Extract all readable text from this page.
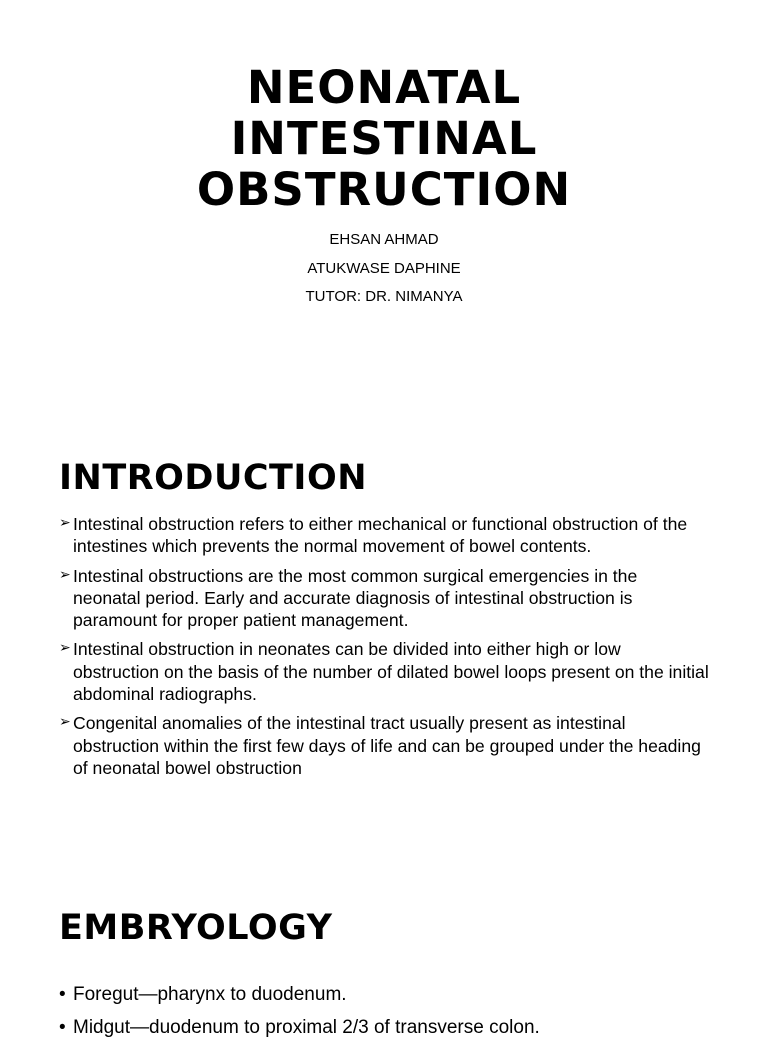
NEONATAL
INTESTINAL
OBSTRUCTION

EHSAN AHMAD

ATUKWASE DAPHINE

TUTOR: DR. NIMANYA

INTRODUCTION
➢ Intestinal obstruction refers to either mechanical or functional obstruction of the intestines which prevents the normal movement of bowel contents.
➢ Intestinal obstructions are the most common surgical emergencies in the neonatal period. Early and accurate diagnosis of intestinal obstruction is paramount for proper patient management.
➢ Intestinal obstruction in neonates can be divided into either high or low obstruction on the basis of the number of dilated bowel loops present on the initial abdominal radiographs.
➢ Congenital anomalies of the intestinal tract usually present as intestinal obstruction within the first few days of life and can be grouped under the heading of neonatal bowel obstruction
EMBRYOLOGY
• Foregut—pharynx to duodenum.
• Midgut—duodenum to proximal 2/3 of transverse colon.
